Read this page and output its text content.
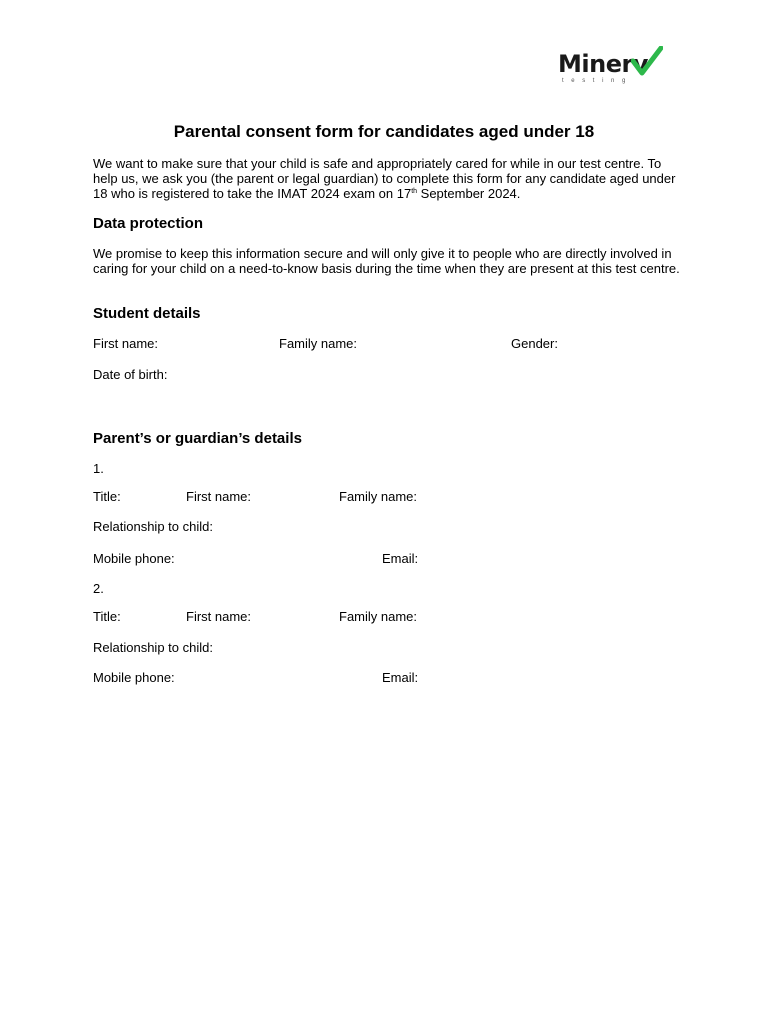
Minerv
testing
Parental consent form for candidates aged under 18

We want to make sure that your child is safe and appropriately cared for while in our test centre. To help us, we ask you (the parent or legal guardian) to complete this form for any candidate aged under 18 who is registered to take the IMAT 2024 exam on 17th September 2024.

Data protection

We promise to keep this information secure and will only give it to people who are directly involved in caring for your child on a need-to-know basis during the time when they are present at this test centre.

Student details
First name:	Family name:	Gender:
Date of birth:
Parent’s or guardian’s details
1.
Title:	First name:	Family name:
Relationship to child:
Mobile phone:	Email:
2.
Title:	First name:	Family name:
Relationship to child:
Mobile phone:	Email:
